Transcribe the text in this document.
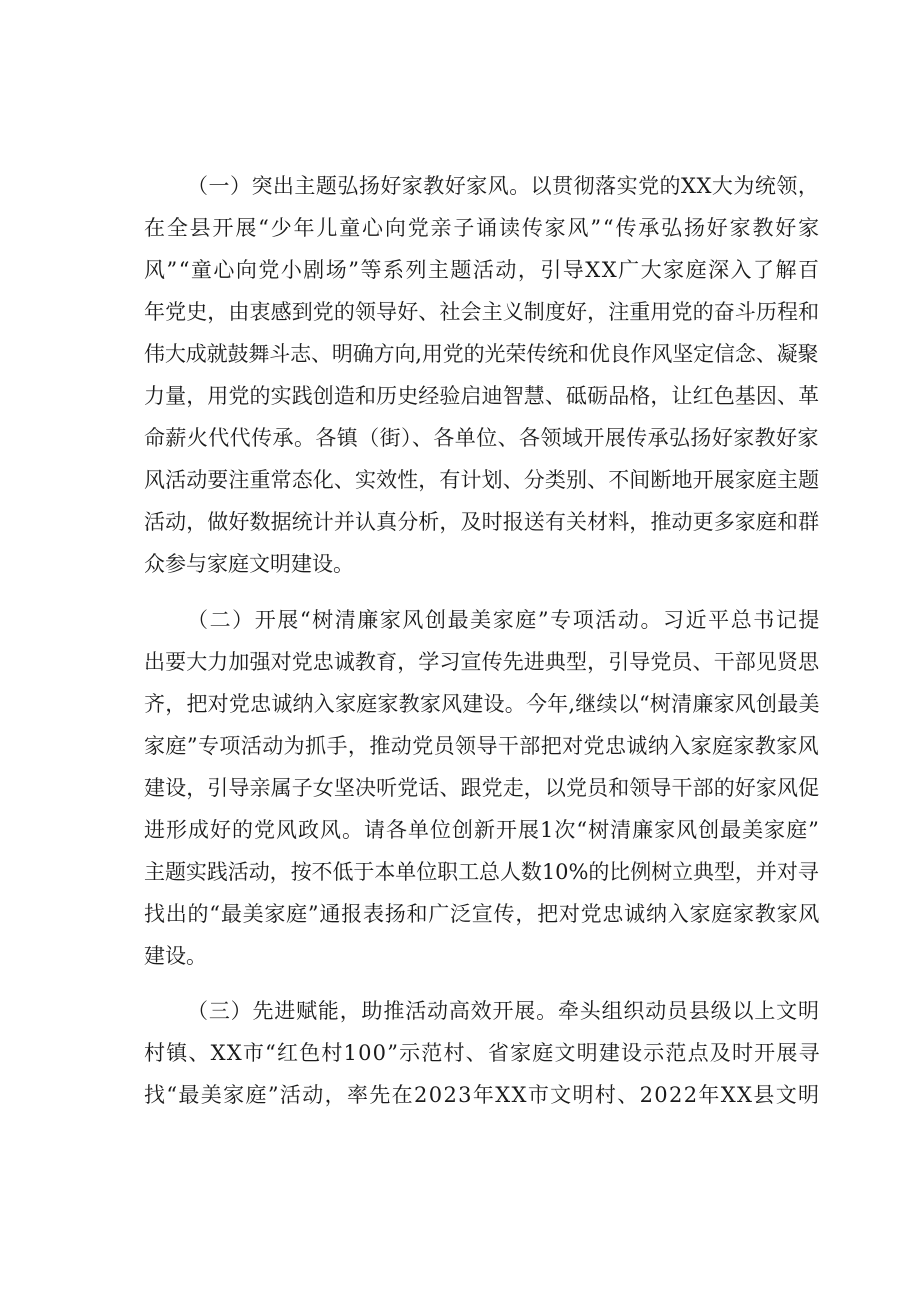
（一）突出主题弘扬好家教好家风。以贯彻落实党的XX大为统领，

在全县开展“少年儿童心向党亲子诵读传家风”“传承弘扬好家教好家

风”“童心向党小剧场”等系列主题活动，引导XX广大家庭深入了解百

年党史，由衷感到党的领导好、社会主义制度好，注重用党的奋斗历程和

伟大成就鼓舞斗志、明确方向,用党的光荣传统和优良作风坚定信念、凝聚

力量，用党的实践创造和历史经验启迪智慧、砥砺品格，让红色基因、革

命薪火代代传承。各镇（街）、各单位、各领域开展传承弘扬好家教好家

风活动要注重常态化、实效性，有计划、分类别、不间断地开展家庭主题

活动，做好数据统计并认真分析，及时报送有关材料，推动更多家庭和群

众参与家庭文明建设。

（二）开展“树清廉家风创最美家庭”专项活动。习近平总书记提

出要大力加强对党忠诚教育，学习宣传先进典型，引导党员、干部见贤思

齐，把对党忠诚纳入家庭家教家风建设。今年,继续以“树清廉家风创最美

家庭”专项活动为抓手，推动党员领导干部把对党忠诚纳入家庭家教家风

建设，引导亲属子女坚决听党话、跟党走，以党员和领导干部的好家风促

进形成好的党风政风。请各单位创新开展1次“树清廉家风创最美家庭”

主题实践活动，按不低于本单位职工总人数10%的比例树立典型，并对寻

找出的“最美家庭”通报表扬和广泛宣传，把对党忠诚纳入家庭家教家风

建设。

（三）先进赋能，助推活动高效开展。牵头组织动员县级以上文明

村镇、XX市“红色村100”示范村、省家庭文明建设示范点及时开展寻

找“最美家庭”活动，率先在2023年XX市文明村、2022年XX县文明
